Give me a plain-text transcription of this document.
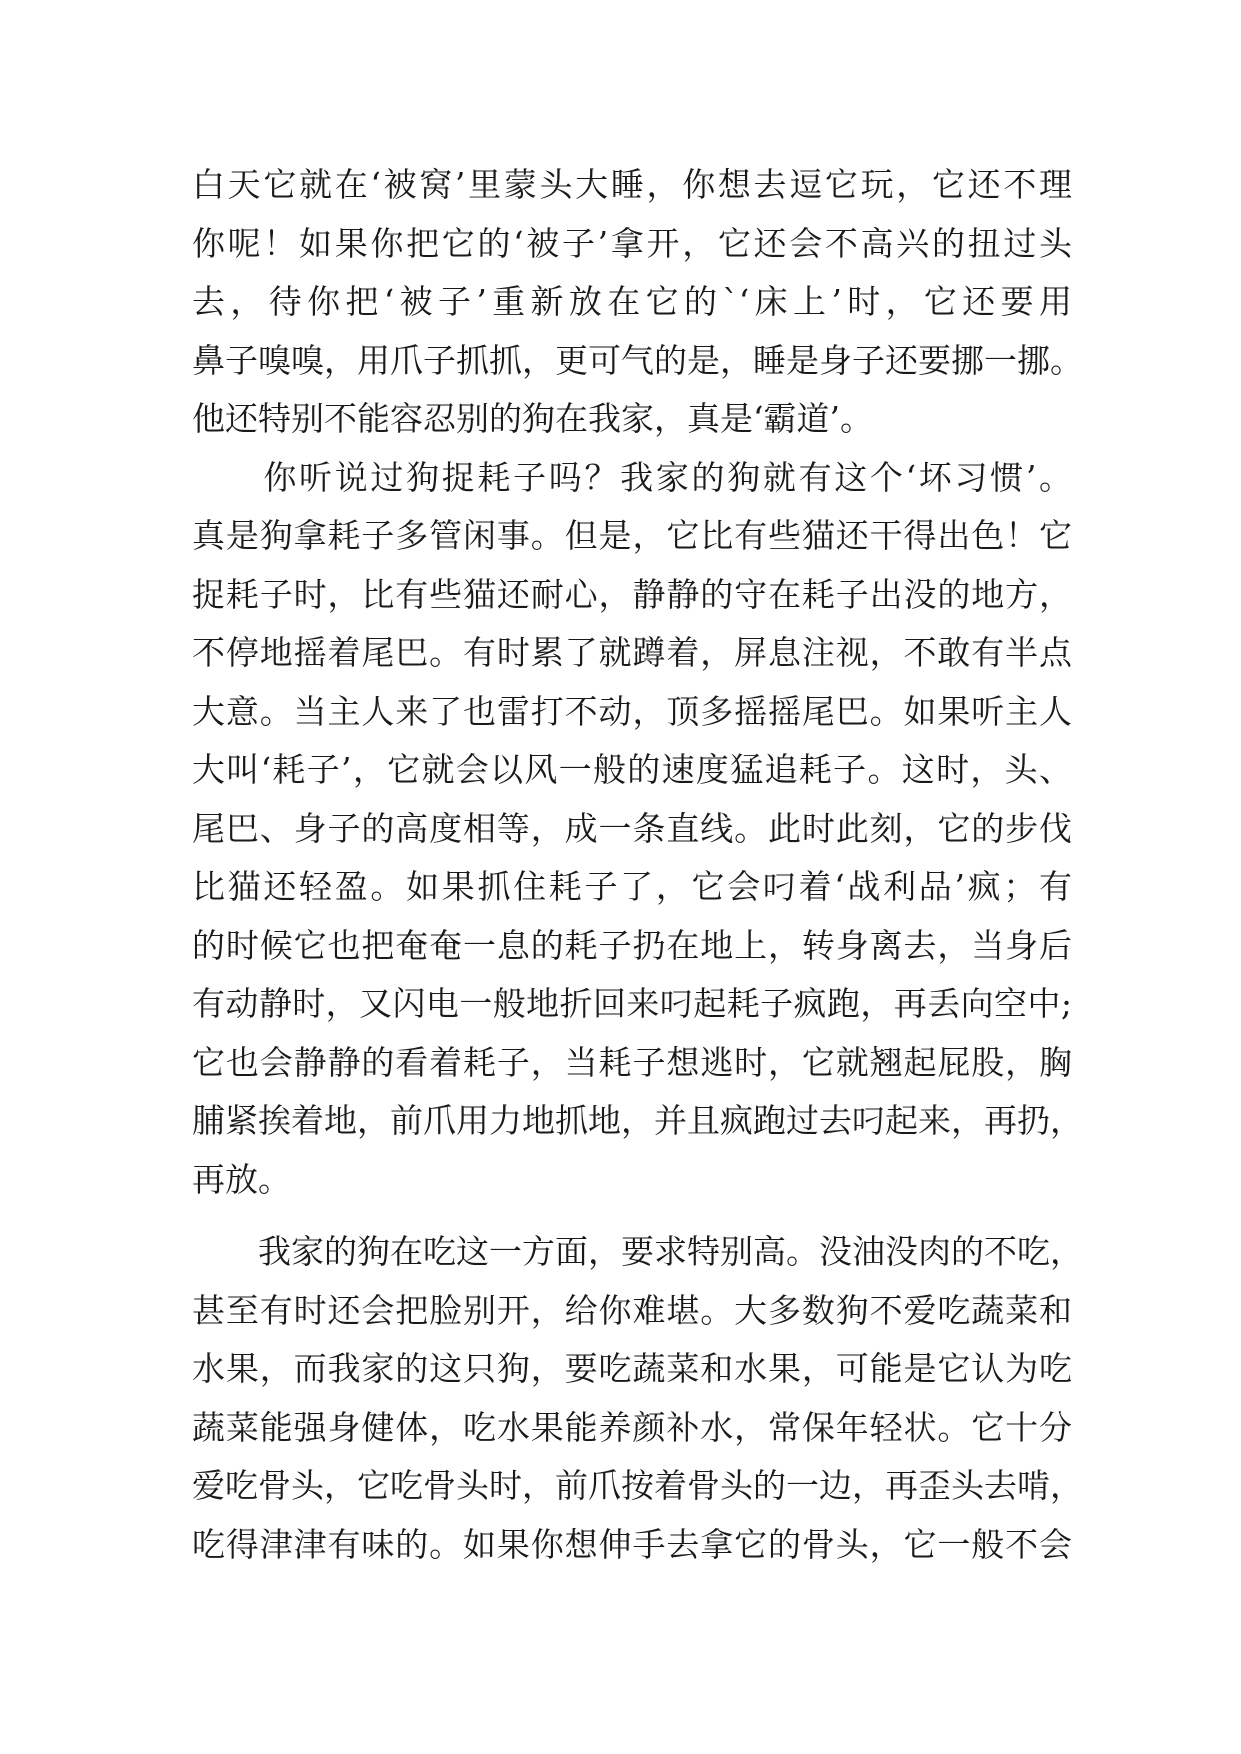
白天它就在‘被窝’里蒙头大睡，你想去逗它玩，它还不理
你呢！如果你把它的‘被子’拿开，它还会不高兴的扭过头
去，待你把‘被子’重新放在它的`‘床上’时，它还要用
鼻子嗅嗅，用爪子抓抓，更可气的是，睡是身子还要挪一挪。
他还特别不能容忍别的狗在我家，真是‘霸道’。
　　你听说过狗捉耗子吗？我家的狗就有这个‘坏习惯’。
真是狗拿耗子多管闲事。但是，它比有些猫还干得出色！它
捉耗子时，比有些猫还耐心，静静的守在耗子出没的地方，
不停地摇着尾巴。有时累了就蹲着，屏息注视，不敢有半点
大意。当主人来了也雷打不动，顶多摇摇尾巴。如果听主人
大叫‘耗子’，它就会以风一般的速度猛追耗子。这时，头、
尾巴、身子的高度相等，成一条直线。此时此刻，它的步伐
比猫还轻盈。如果抓住耗子了，它会叼着‘战利品’疯；有
的时候它也把奄奄一息的耗子扔在地上，转身离去，当身后
有动静时，又闪电一般地折回来叼起耗子疯跑，再丢向空中;
它也会静静的看着耗子，当耗子想逃时，它就翘起屁股，胸
脯紧挨着地，前爪用力地抓地，并且疯跑过去叼起来，再扔，
再放。
　　我家的狗在吃这一方面，要求特别高。没油没肉的不吃，
甚至有时还会把脸别开，给你难堪。大多数狗不爱吃蔬菜和
水果，而我家的这只狗，要吃蔬菜和水果，可能是它认为吃
蔬菜能强身健体，吃水果能养颜补水，常保年轻状。它十分
爱吃骨头，它吃骨头时，前爪按着骨头的一边，再歪头去啃，
吃得津津有味的。如果你想伸手去拿它的骨头，它一般不会
